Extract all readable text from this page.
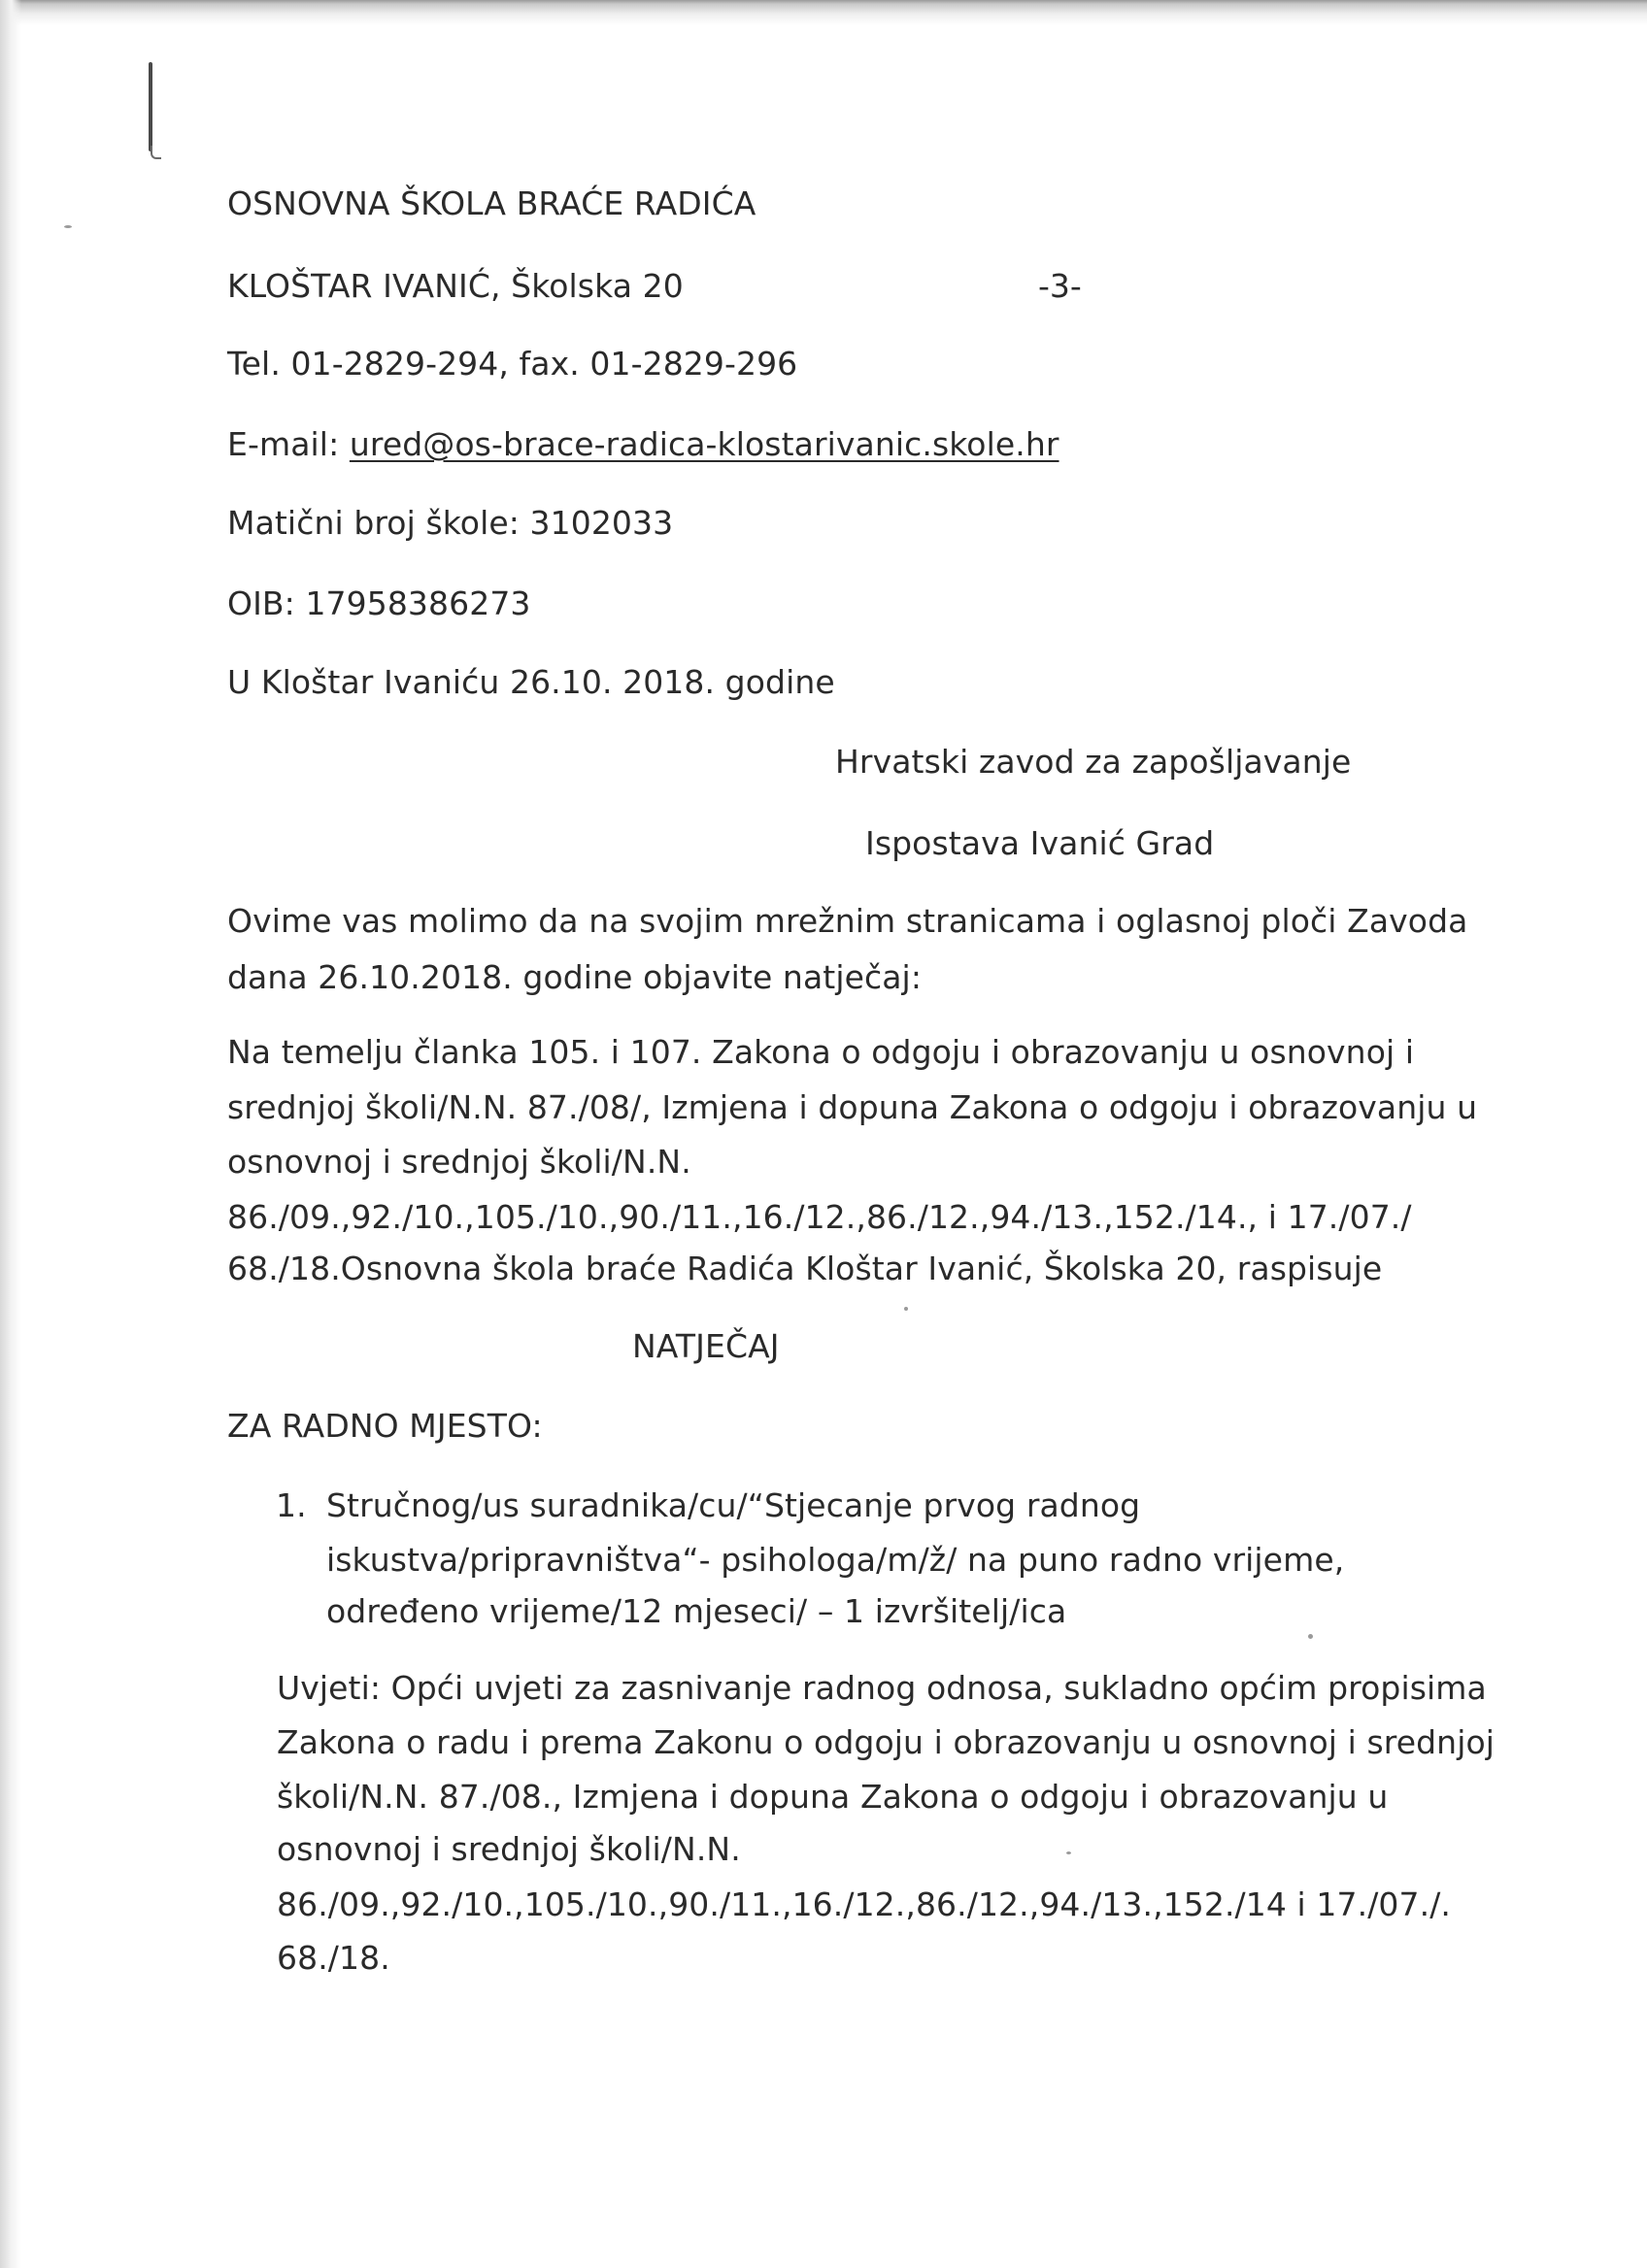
OSNOVNA ŠKOLA BRAĆE RADIĆA
KLOŠTAR IVANIĆ, Školska 20	-3-
Tel. 01-2829-294, fax. 01-2829-296
E-mail: ured@os-brace-radica-klostarivanic.skole.hr
Matični broj škole: 3102033
OIB: 17958386273
U Kloštar Ivaniću 26.10. 2018. godine
Hrvatski zavod za zapošljavanje
Ispostava Ivanić Grad
Ovime vas molimo da na svojim mrežnim stranicama i oglasnoj ploči Zavoda
dana 26.10.2018. godine objavite natječaj:
Na temelju članka 105. i 107. Zakona o odgoju i obrazovanju u osnovnoj i
srednjoj školi/N.N. 87./08/, Izmjena i dopuna Zakona o odgoju i obrazovanju u
osnovnoj i srednjoj školi/N.N.
86./09.,92./10.,105./10.,90./11.,16./12.,86./12.,94./13.,152./14., i 17./07./
68./18.Osnovna škola braće Radića Kloštar Ivanić, Školska 20, raspisuje
NATJEČAJ
ZA RADNO MJESTO:
1. Stručnog/us suradnika/cu/“Stjecanje prvog radnog
iskustva/pripravništva“- psihologa/m/ž/ na puno radno vrijeme,
određeno vrijeme/12 mjeseci/ – 1 izvršitelj/ica
Uvjeti: Opći uvjeti za zasnivanje radnog odnosa, sukladno općim propisima
Zakona o radu i prema Zakonu o odgoju i obrazovanju u osnovnoj i srednjoj
školi/N.N. 87./08., Izmjena i dopuna Zakona o odgoju i obrazovanju u
osnovnoj i srednjoj školi/N.N.
86./09.,92./10.,105./10.,90./11.,16./12.,86./12.,94./13.,152./14 i 17./07./.
68./18.
